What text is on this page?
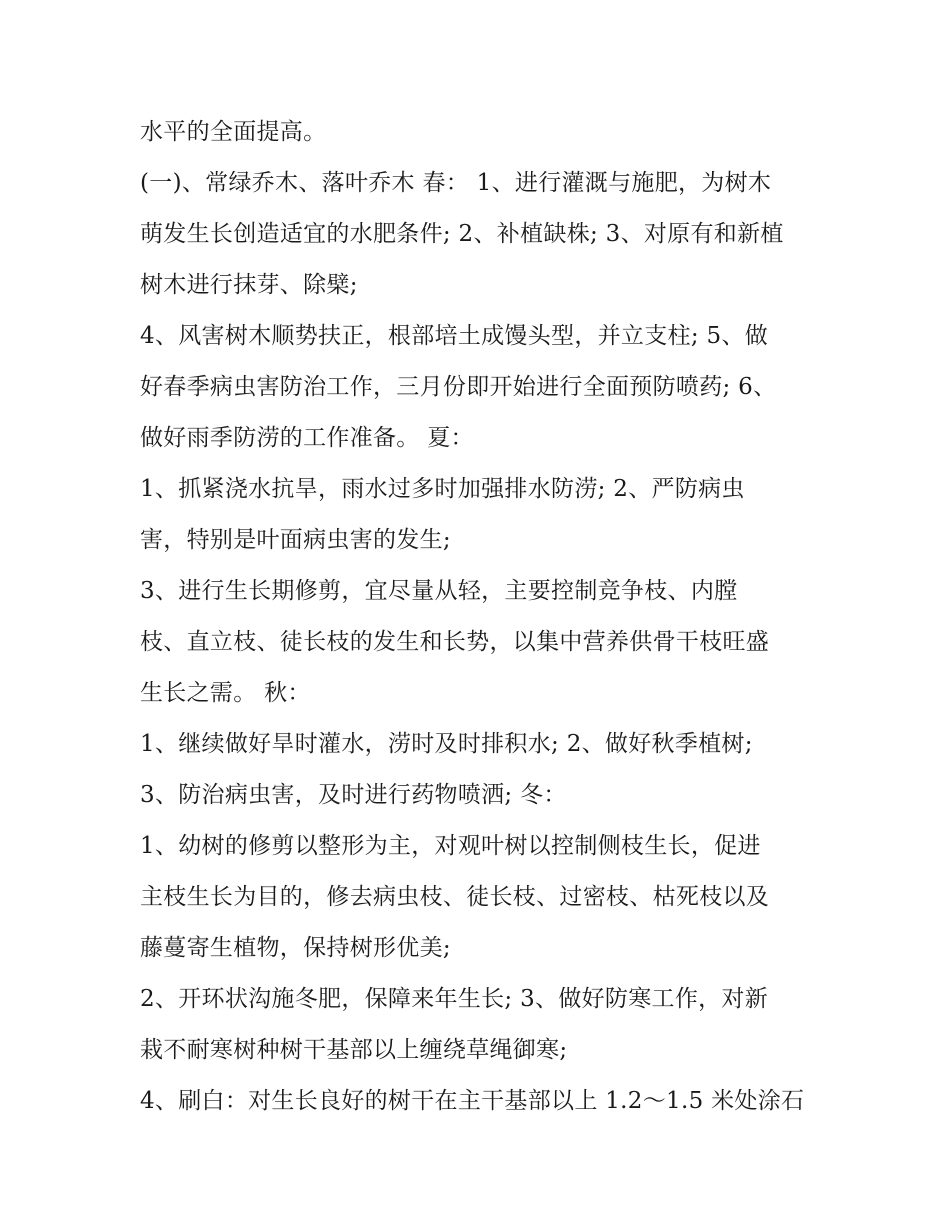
水平的全面提高。
(一)、常绿乔木、落叶乔木 春： 1、进行灌溉与施肥，为树木
萌发生长创造适宜的水肥条件; 2、补植缺株; 3、对原有和新植
树木进行抹芽、除檗;
4、风害树木顺势扶正，根部培土成馒头型，并立支柱; 5、做
好春季病虫害防治工作，三月份即开始进行全面预防喷药; 6、
做好雨季防涝的工作准备。 夏：
1、抓紧浇水抗旱，雨水过多时加强排水防涝; 2、严防病虫
害，特别是叶面病虫害的发生;
3、进行生长期修剪，宜尽量从轻，主要控制竞争枝、内膛
枝、直立枝、徒长枝的发生和长势，以集中营养供骨干枝旺盛
生长之需。 秋：
1、继续做好旱时灌水，涝时及时排积水; 2、做好秋季植树;
3、防治病虫害，及时进行药物喷洒; 冬：
1、幼树的修剪以整形为主，对观叶树以控制侧枝生长，促进
主枝生长为目的，修去病虫枝、徒长枝、过密枝、枯死枝以及
藤蔓寄生植物，保持树形优美;
2、开环状沟施冬肥，保障来年生长; 3、做好防寒工作，对新
栽不耐寒树种树干基部以上缠绕草绳御寒;
4、刷白：对生长良好的树干在主干基部以上 1.2～1.5 米处涂石
